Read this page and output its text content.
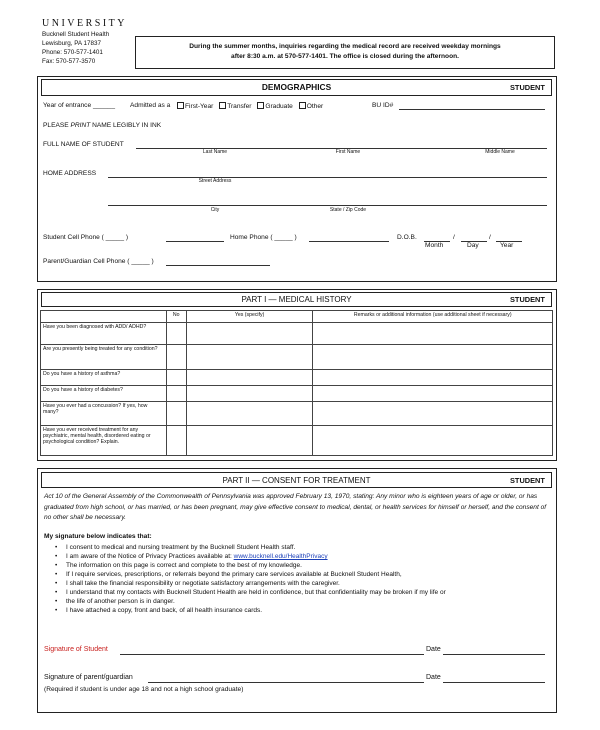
UNIVERSITY
Bucknell Student Health
Lewisburg, PA 17837
Phone: 570-577-1401
Fax: 570-577-3570
During the summer months, inquiries regarding the medical record are received weekday mornings
after 8:30 a.m. at 570-577-1401. The office is closed during the afternoon.
DEMOGRAPHICS	STUDENT
Year of entrance ______ Admitted as a	First-Year Transfer Graduate Other	BU ID#
PLEASE PRINT NAME LEGIBLY IN INK
FULL NAME OF STUDENT
Last Name	First Name	Middle Name
HOME ADDRESS
Street Address
City	State / Zip Code
Student Cell Phone ( _____ )	Home Phone ( _____ )	D.O.B.	/	/
Month	Day	Year
Parent/Guardian Cell Phone ( _____ )
PART I — MEDICAL HISTORY	STUDENT
	No	Yes (specify)	Remarks or additional information (use additional sheet if necessary)
Have you been diagnosed with ADD/ ADHD?			
Are you presently being treated for any condition?			
Do you have a history of asthma?			
Do you have a history of diabetes?			
Have you ever had a concussion? If yes, how many?			
Have you ever received treatment for any psychiatric, mental health, disordered eating or psychological condition? Explain.			
PART II — CONSENT FOR TREATMENT	STUDENT
Act 10 of the General Assembly of the Commonwealth of Pennsylvania was approved February 13, 1970, stating: Any minor who is eighteen years of age or older, or has graduated from high school, or has married, or has been pregnant, may give effective consent to medical, dental, or health services for himself or herself, and the consent of no other shall be necessary.
My signature below indicates that:
• I consent to medical and nursing treatment by the Bucknell Student Health staff.
• I am aware of the Notice of Privacy Practices available at: www.bucknell.edu/HealthPrivacy
• The information on this page is correct and complete to the best of my knowledge.
• If I require services, prescriptions, or referrals beyond the primary care services available at Bucknell Student Health,
• I shall take the financial responsibility or negotiate satisfactory arrangements with the caregiver.
• I understand that my contacts with Bucknell Student Health are held in confidence, but that confidentiality may be broken if my life or
• the life of another person is in danger.
• I have attached a copy, front and back, of all health insurance cards.
Signature of Student	Date
Signature of parent/guardian	Date
(Required if student is under age 18 and not a high school graduate)
